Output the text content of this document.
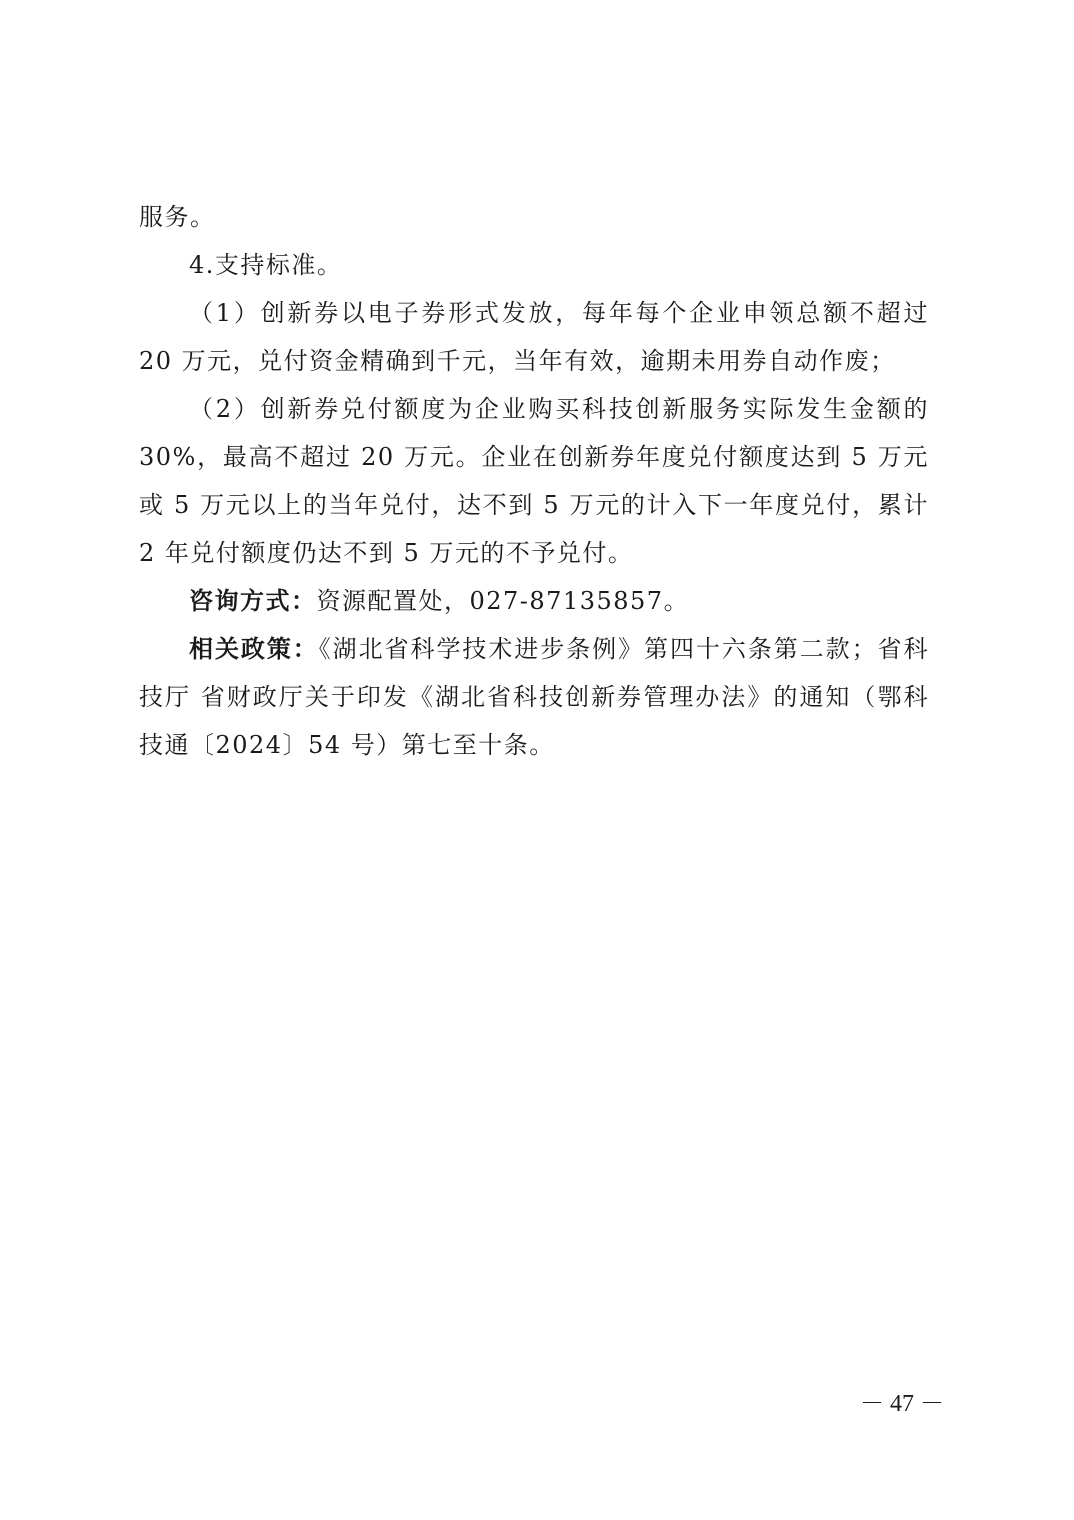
服务。

4.支持标准。

（1）创新券以电子券形式发放，每年每个企业申领总额不超过 20 万元，兑付资金精确到千元，当年有效，逾期未用券自动作废；

（2）创新券兑付额度为企业购买科技创新服务实际发生金额的 30%，最高不超过 20 万元。企业在创新券年度兑付额度达到 5 万元或 5 万元以上的当年兑付，达不到 5 万元的计入下一年度兑付，累计 2 年兑付额度仍达不到 5 万元的不予兑付。

咨询方式：资源配置处，027-87135857。

相关政策：《湖北省科学技术进步条例》第四十六条第二款；省科技厅 省财政厅关于印发《湖北省科技创新券管理办法》的通知（鄂科技通〔2024〕54 号）第七至十条。

－ 47 －
